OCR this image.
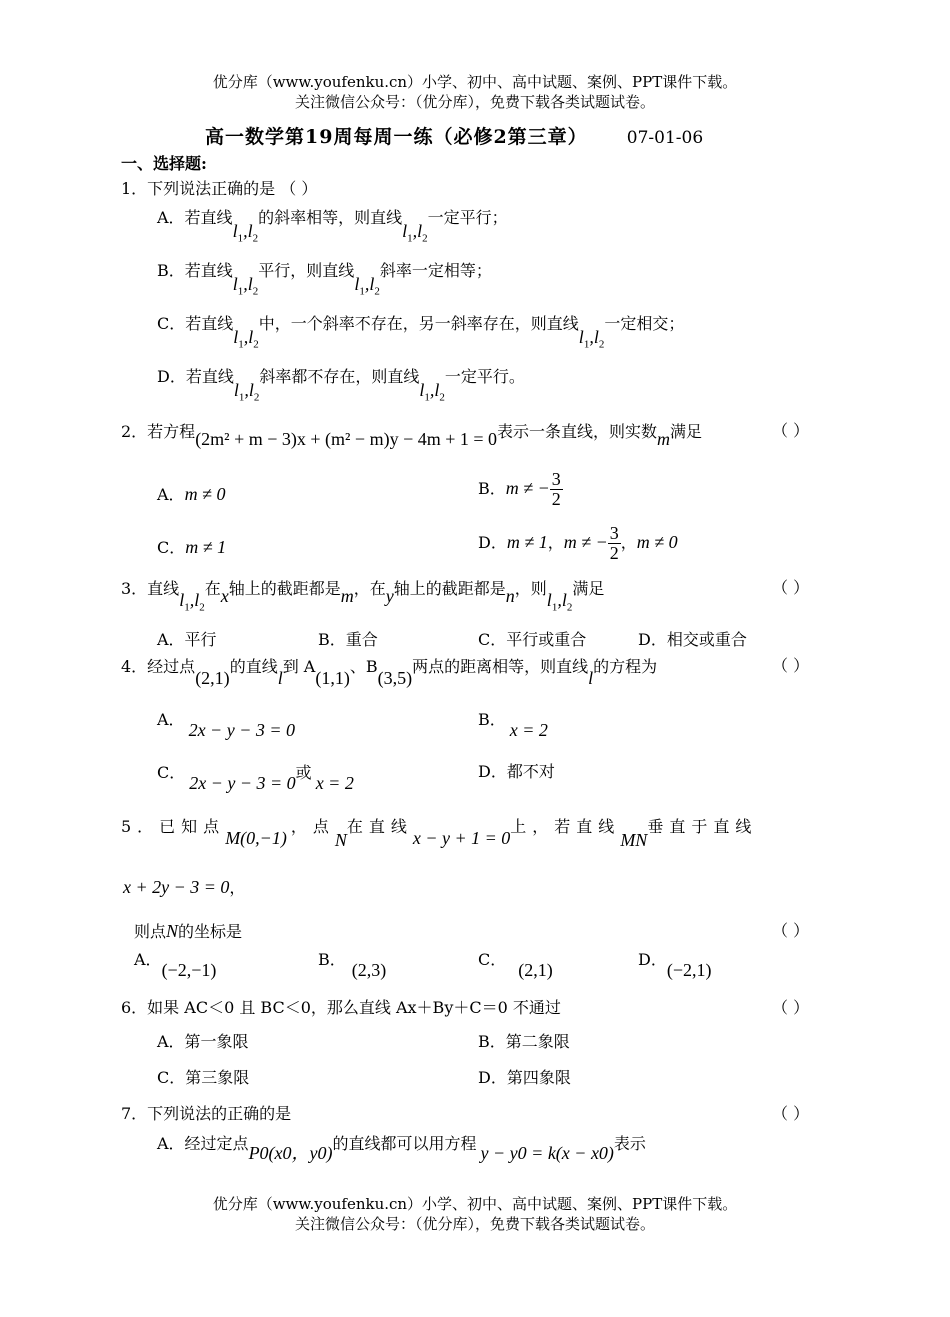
优分库（www.youfenku.cn）小学、初中、高中试题、案例、PPT课件下载。
关注微信公众号：（优分库），免费下载各类试题试卷。
高一数学第19周每周一练（必修2第三章） 07-01-06
一、选择题:
1．下列说法正确的是 （ ）
A．若直线$l_1,l_2$的斜率相等，则直线$l_1,l_2$一定平行；
B．若直线$l_1,l_2$平行，则直线$l_1,l_2$斜率一定相等；
C．若直线$l_1,l_2$中，一个斜率不存在，另一斜率存在，则直线$l_1,l_2$一定相交；
D．若直线$l_1,l_2$斜率都不存在，则直线$l_1,l_2$一定平行。
2．若方程(2m² + m − 3)x + (m² − m)y − 4m + 1 = 0表示一条直线，则实数m满足	（ ）
A．m ≠ 0	B．m ≠ − $\frac{3}{2}$
C．m ≠ 1	D．m ≠ 1，m ≠ − $\frac{3}{2}$ ，m ≠ 0
3．直线$l_1,l_2$在x轴上的截距都是m，在y轴上的截距都是n，则$l_1,l_2$满足	（ ）
A．平行	B．重合	C．平行或重合	D．相交或重合
4．经过点(2,1)的直线l到 A(1,1)、B(3,5)两点的距离相等，则直线l的方程为	（ ）
A．2x − y − 3 = 0
B．x = 2
C．2x − y − 3 = 0或x = 2
D．都不对
5．已知点M(0,−1)，点N在直线x − y + 1 = 0上，若直线MN垂直于直线
x + 2y − 3 = 0，
则点N的坐标是	（ ）
A．(−2,−1)
B．(2,3)
C．(2,1)
D．(−2,1)
6．如果 AC＜0 且 BC＜0，那么直线 Ax＋By＋C＝0 不通过	（ ）
A．第一象限	B．第二象限
C．第三象限	D．第四象限
7．下列说法的正确的是	（ ）
A．经过定点P0(x0，y0)的直线都可以用方程 y − y0 = k(x − x0)表示
优分库（www.youfenku.cn）小学、初中、高中试题、案例、PPT课件下载。
关注微信公众号：（优分库），免费下载各类试题试卷。
